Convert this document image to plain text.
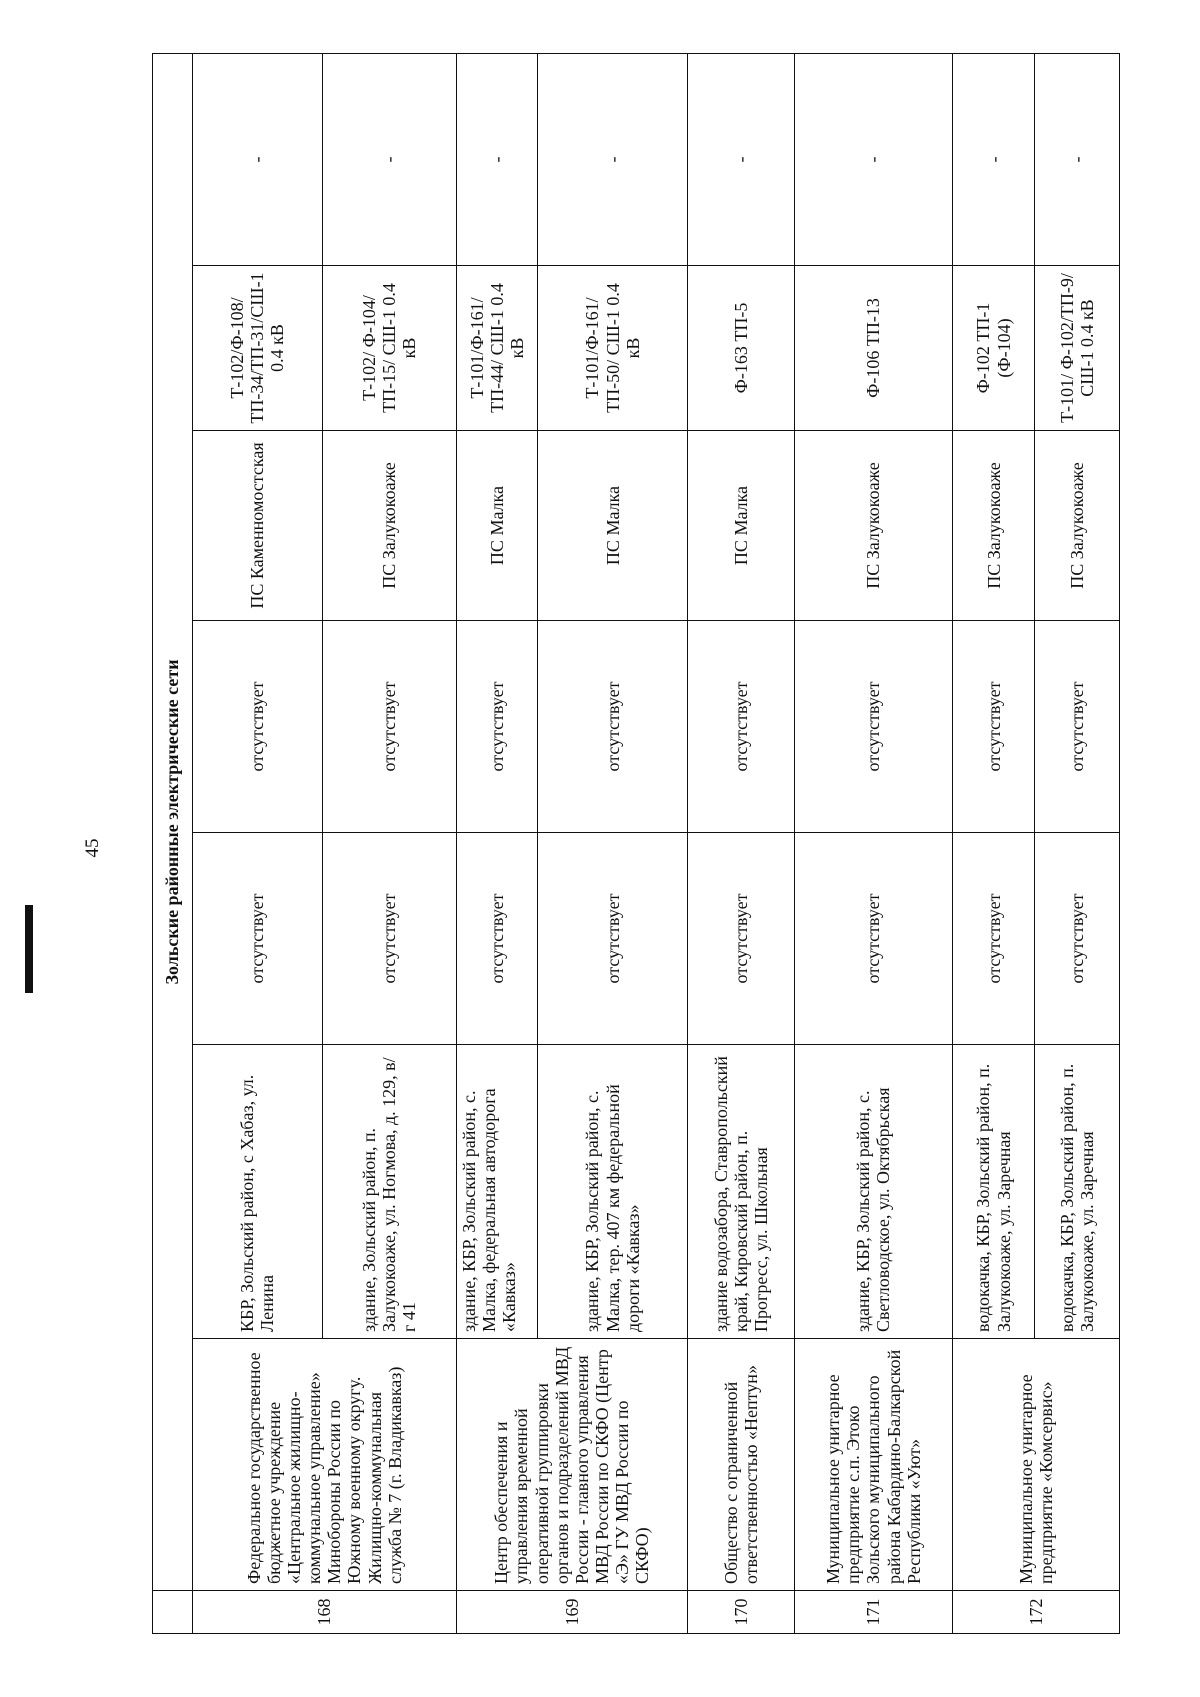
45
		Зольские районные электрические сети						
168	Федеральное государственное бюджетное учреждение «Центральное жилищно-коммунальное управление» Минобороны России по Южному военному округу. Жилищно-коммунальная служба № 7 (г. Владикавказ)	КБР, Зольский район, с Хабаз, ул. Ленина	отсутствует	отсутствует	ПС Каменномостская	Т-102/Ф-108/ТП-34/ТП-31/СШ-1 0.4 кВ	-
		здание, Зольский район, п. Залукокоаже, ул. Ногмова, д. 129, в/г 41	отсутствует	отсутствует	ПС Залукокоаже	Т-102/ Ф-104/ТП-15/ СШ-1 0.4 кВ	-
169	Центр обеспечения и управления временной оперативной группировки органов и подразделений МВД России - главного управления МВД России по СКФО (Центр «Э» ГУ МВД России по СКФО)	здание, КБР, Зольский район, с. Малка, федеральная автодорога «Кавказ»	отсутствует	отсутствует	ПС Малка	Т-101/Ф-161/ТП-44/ СШ-1 0.4 кВ	-
		здание, КБР, Зольский район, с. Малка, тер. 407 км федеральной дороги «Кавказ»	отсутствует	отсутствует	ПС Малка	Т-101/Ф-161/ТП-50/ СШ-1 0.4 кВ	-
170	Общество с ограниченной ответственностью «Нептун»	здание водозабора, Ставропольский край, Кировский район, п. Прогресс, ул. Школьная	отсутствует	отсутствует	ПС Малка	Ф-163 ТП-5	-
171	Муниципальное унитарное предприятие с.п. Этоко Зольского муниципального района Кабардино-Балкарской Республики «Уют»	здание, КБР, Зольский район, с. Светловодское, ул. Октябрьская	отсутствует	отсутствует	ПС Залукокоаже	Ф-106 ТП-13	-
172	Муниципальное унитарное предприятие «Комсервис»	водокачка, КБР, Зольский район, п. Залукокоаже, ул. Заречная	отсутствует	отсутствует	ПС Залукокоаже	Ф-102 ТП-1 (Ф-104)	-
		водокачка, КБР, Зольский район, п. Залукокоаже, ул. Заречная	отсутствует	отсутствует	ПС Залукокоаже	Т-101/ Ф-102/ТП-9/ СШ-1 0.4 кВ	-
